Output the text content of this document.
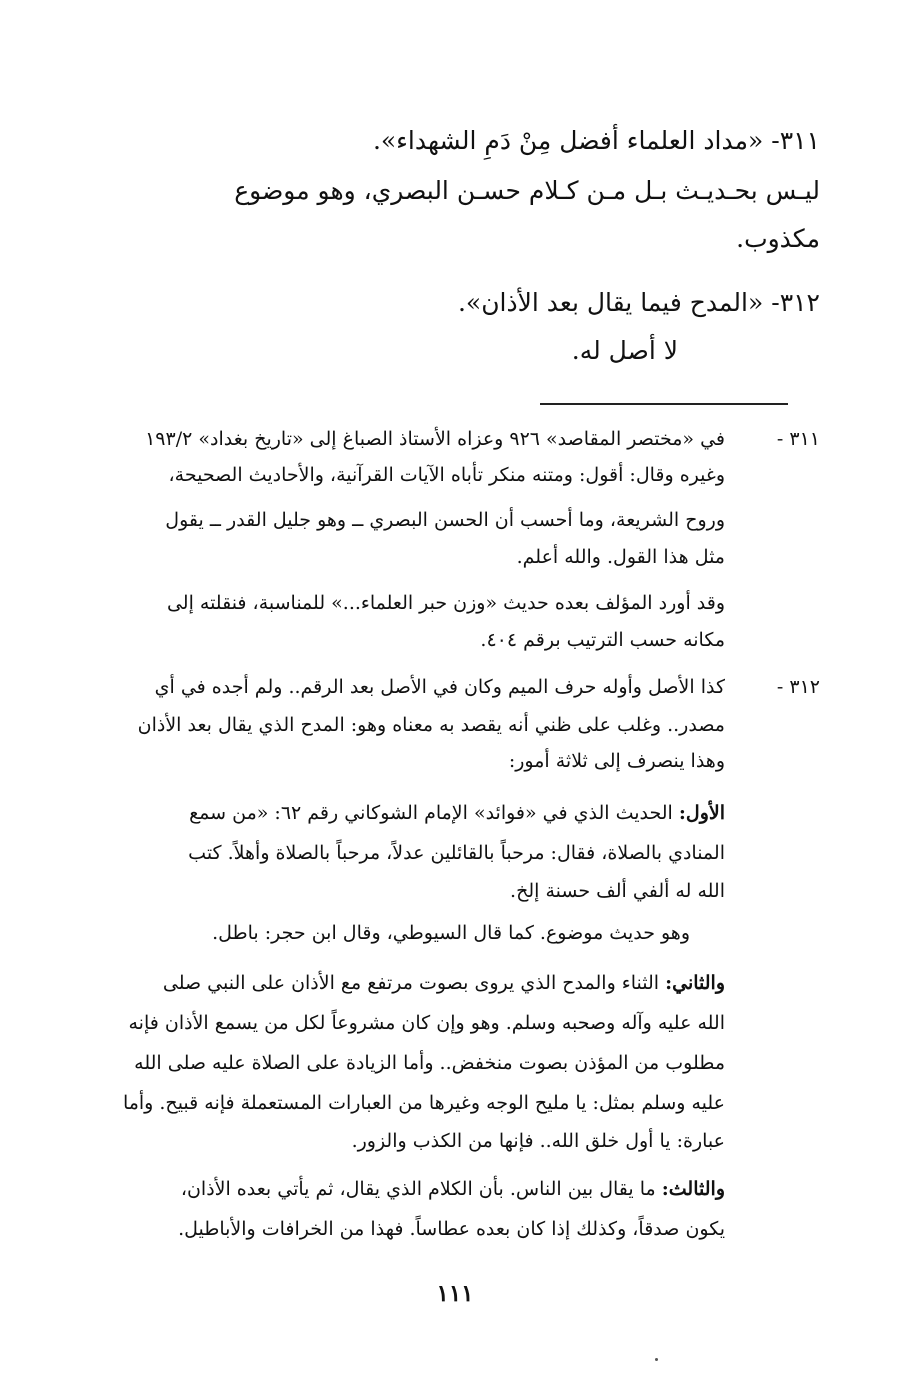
٣١١- «مداد العلماء أفضل مِنْ دَمِ الشهداء».
ليـس بحـديـث بـل مـن كـلام حسـن البصري، وهو موضوع
مكذوب.
٣١٢- «المدح فيما يقال بعد الأذان».
لا أصل له.
٣١١ -
في «مختصر المقاصد» ٩٢٦ وعزاه الأستاذ الصباغ إلى «تاريخ بغداد» ١٩٣/٢
وغيره وقال: أقول: ومتنه منكر تأباه الآيات القرآنية، والأحاديث الصحيحة،
وروح الشريعة، وما أحسب أن الحسن البصري ــ وهو جليل القدر ــ يقول
مثل هذا القول. والله أعلم.
وقد أورد المؤلف بعده حديث «وزن حبر العلماء...» للمناسبة، فنقلته إلى
مكانه حسب الترتيب برقم ٤٠٤.
٣١٢ -
كذا الأصل وأوله حرف الميم وكان في الأصل بعد الرقم.. ولم أجده في أي
مصدر.. وغلب على ظني أنه يقصد به معناه وهو: المدح الذي يقال بعد الأذان
وهذا ينصرف إلى ثلاثة أمور:
الأول: الحديث الذي في «فوائد» الإمام الشوكاني رقم ٦٢: «من سمع
المنادي بالصلاة، فقال: مرحباً بالقائلين عدلاً، مرحباً بالصلاة وأهلاً. كتب
الله له ألفي ألف حسنة إلخ.
وهو حديث موضوع. كما قال السيوطي، وقال ابن حجر: باطل.
والثاني: الثناء والمدح الذي يروى بصوت مرتفع مع الأذان على النبي صلى
الله عليه وآله وصحبه وسلم. وهو وإن كان مشروعاً لكل من يسمع الأذان فإنه
مطلوب من المؤذن بصوت منخفض.. وأما الزيادة على الصلاة عليه صلى الله
عليه وسلم بمثل: يا مليح الوجه وغيرها من العبارات المستعملة فإنه قبيح. وأما
عبارة: يا أول خلق الله.. فإنها من الكذب والزور.
والثالث: ما يقال بين الناس. بأن الكلام الذي يقال، ثم يأتي بعده الأذان،
يكون صدقاً، وكذلك إذا كان بعده عطاساً. فهذا من الخرافات والأباطيل.
١١١
